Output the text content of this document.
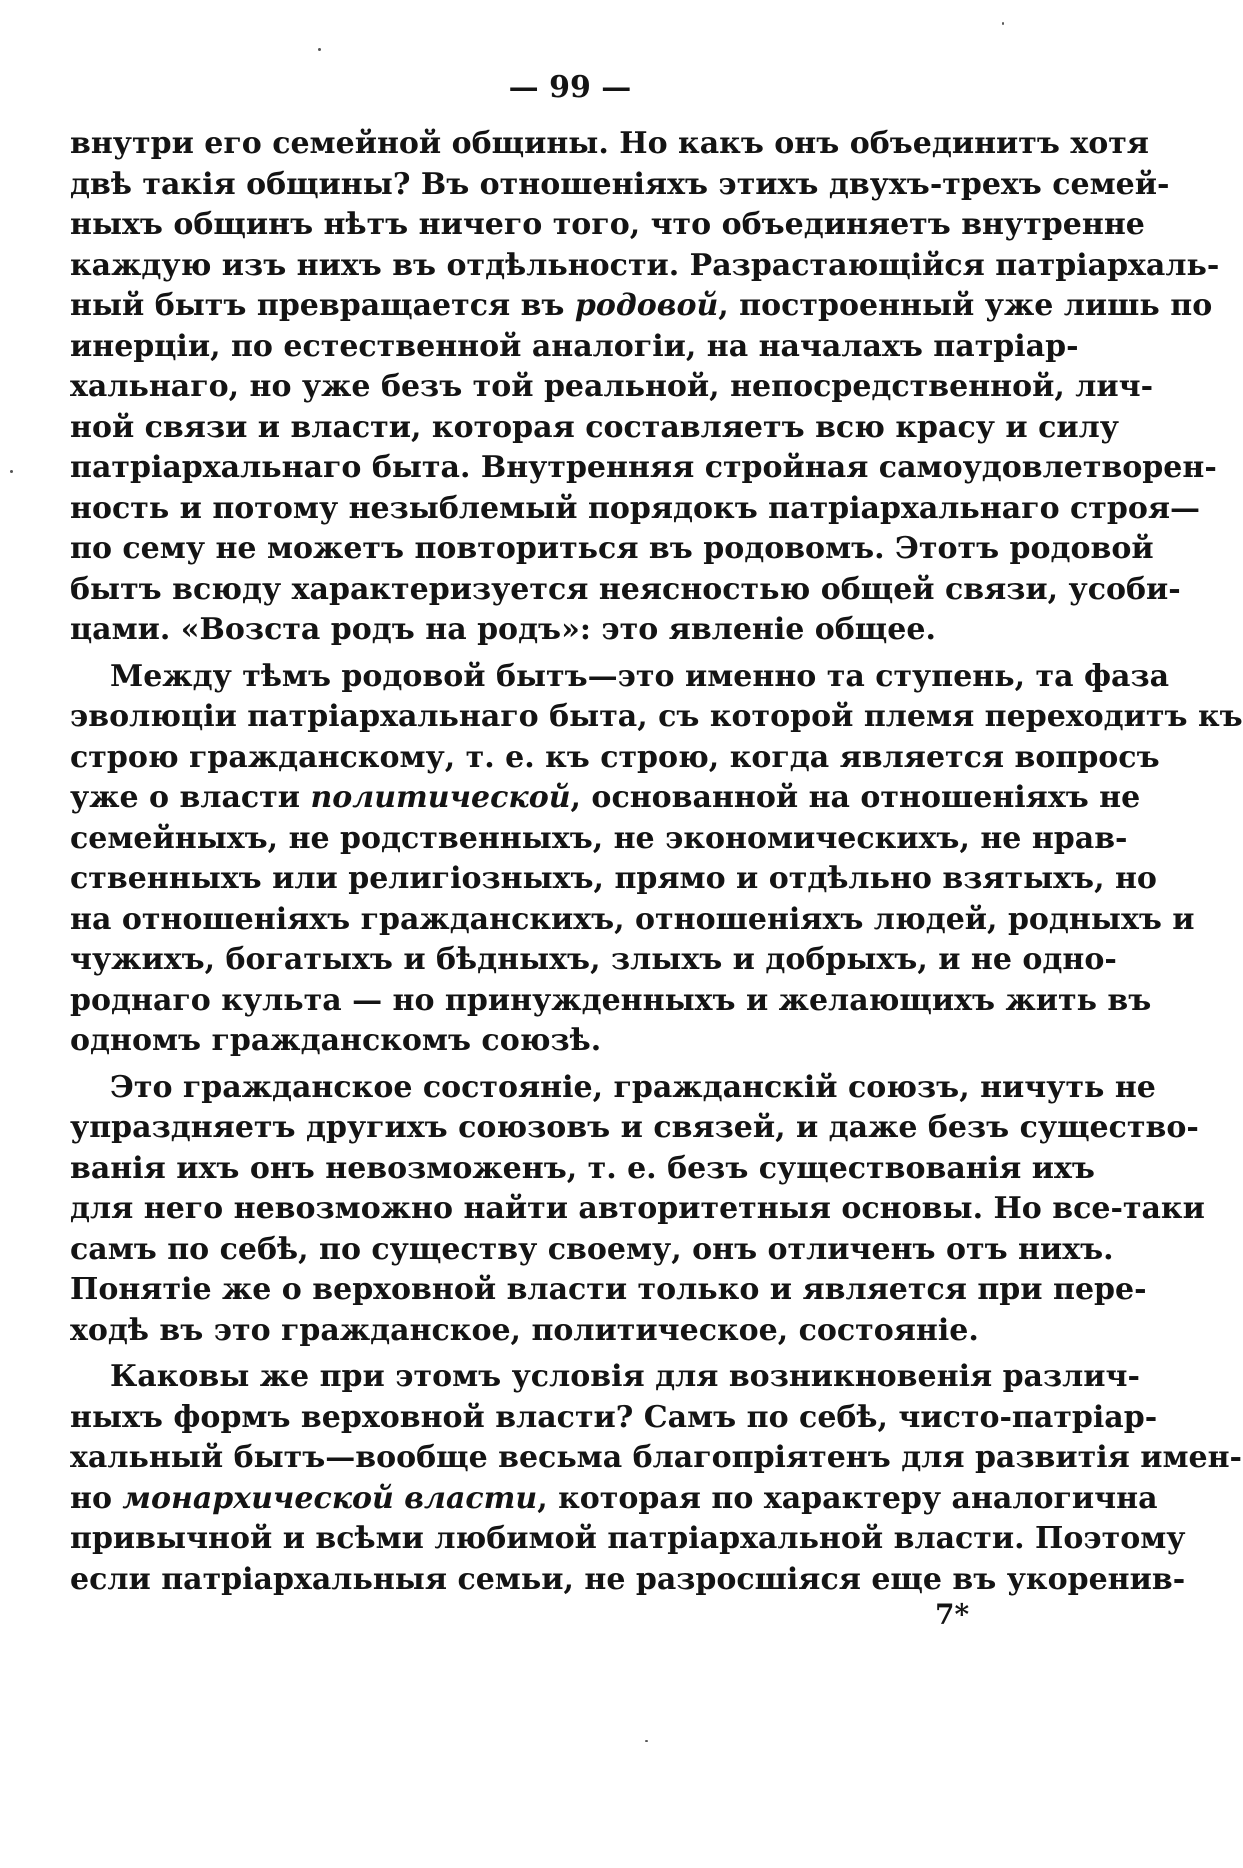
— 99 —
внутри его семейной общины. Но какъ онъ объединитъ хотя
двѣ такія общины? Въ отношеніяхъ этихъ двухъ-трехъ семей-
ныхъ общинъ нѣтъ ничего того, что объединяетъ внутренне
каждую изъ нихъ въ отдѣльности. Разрастающійся патріархаль-
ный бытъ превращается въ родовой, построенный уже лишь по
инерціи, по естественной аналогіи, на началахъ патріар-
хальнаго, но уже безъ той реальной, непосредственной, лич-
ной связи и власти, которая составляетъ всю красу и силу
патріархальнаго быта. Внутренняя стройная самоудовлетворен-
ность и потому незыблемый порядокъ патріархальнаго строя—
по сему не можетъ повториться въ родовомъ. Этотъ родовой
бытъ всюду характеризуется неясностью общей связи, усоби-
цами. «Возста родъ на родъ»: это явленіе общее.
Между тѣмъ родовой бытъ—это именно та ступень, та фаза
эволюціи патріархальнаго быта, съ которой племя переходитъ къ
строю гражданскому, т. е. къ строю, когда является вопросъ
уже о власти политической, основанной на отношеніяхъ не
семейныхъ, не родственныхъ, не экономическихъ, не нрав-
ственныхъ или религіозныхъ, прямо и отдѣльно взятыхъ, но
на отношеніяхъ гражданскихъ, отношеніяхъ людей, родныхъ и
чужихъ, богатыхъ и бѣдныхъ, злыхъ и добрыхъ, и не одно-
роднаго культа — но принужденныхъ и желающихъ жить въ
одномъ гражданскомъ союзѣ.
Это гражданское состояніе, гражданскій союзъ, ничуть не
упраздняетъ другихъ союзовъ и связей, и даже безъ существо-
ванія ихъ онъ невозможенъ, т. е. безъ существованія ихъ
для него невозможно найти авторитетныя основы. Но все-таки
самъ по себѣ, по существу своему, онъ отличенъ отъ нихъ.
Понятіе же о верховной власти только и является при пере-
ходѣ въ это гражданское, политическое, состояніе.
Каковы же при этомъ условія для возникновенія различ-
ныхъ формъ верховной власти? Самъ по себѣ, чисто-патріар-
хальный бытъ—вообще весьма благопріятенъ для развитія имен-
но монархической власти, которая по характеру аналогична
привычной и всѣми любимой патріархальной власти. Поэтому
если патріархальныя семьи, не разросшіяся еще въ укоренив-
7*
